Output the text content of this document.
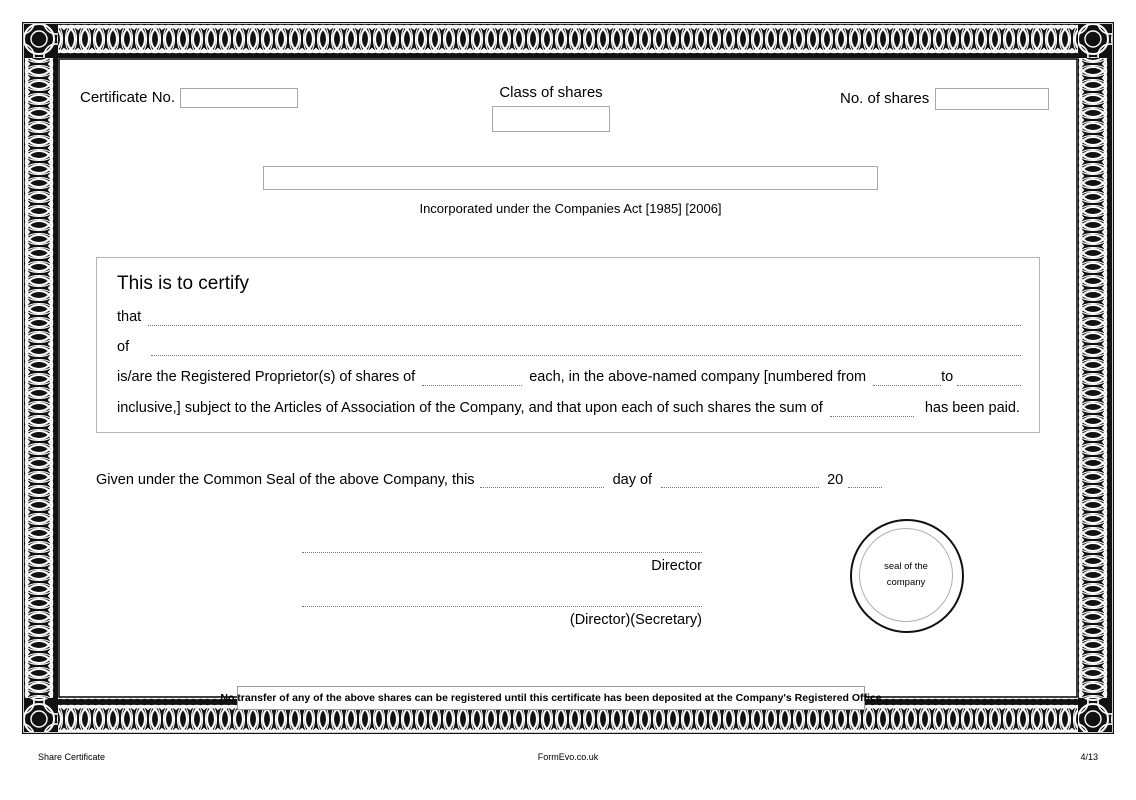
Certificate No.	Class of shares	No. of shares
Incorporated under the Companies Act [1985] [2006]
This is to certify
that
of
is/are the Registered Proprietor(s) of shares of	each, in the above-named company [numbered from	to
inclusive,] subject to the Articles of Association of the Company, and that upon each of such shares the sum of	has been paid.
Given under the Common Seal of the above Company, this	day of	20
Director
(Director)(Secretary)
seal of the
company
No transfer of any of the above shares can be registered until this certificate has been deposited at the Company's Registered Office
Share Certificate	FormEvo.co.uk	4/13
